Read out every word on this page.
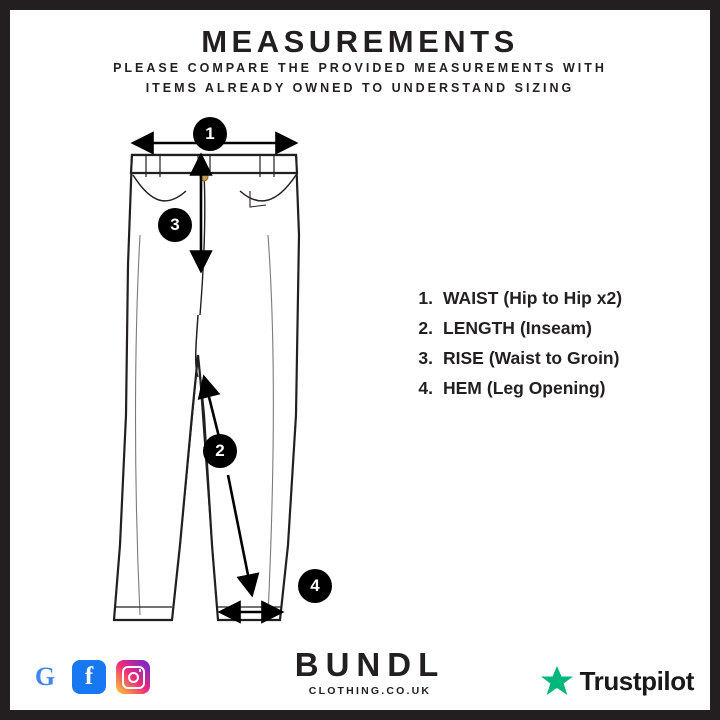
MEASUREMENTS
PLEASE COMPARE THE PROVIDED MEASUREMENTS WITH
ITEMS ALREADY OWNED TO UNDERSTAND SIZING
1
3
2
4
1. WAIST (Hip to Hip x2)
2. LENGTH (Inseam)
3. RISE (Waist to Groin)
4. HEM (Leg Opening)
BUNDL
CLOTHING.CO.UK
G f	Trustpilot
